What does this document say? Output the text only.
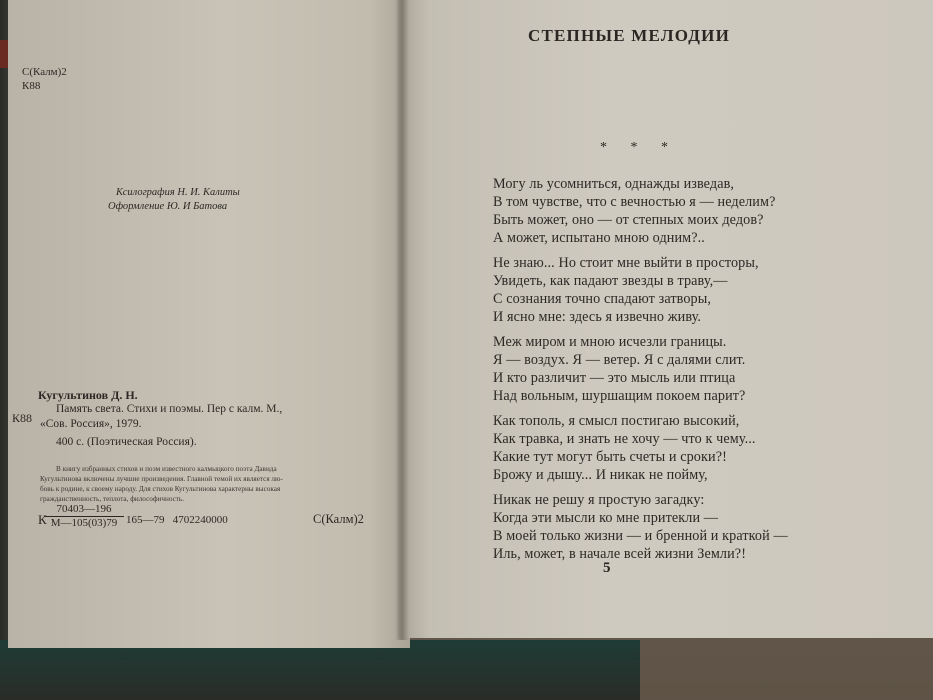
С(Калм)2
К88
Ксилография Н. И. Калиты
Оформление Ю. И Батова
Кугультинов Д. Н.
К88
Память света. Стихи и поэмы. Пер с калм. М.,
«Сов. Россия», 1979.
400 с. (Поэтическая Россия).
В книгу избранных стихов и поэм известного калмыцкого поэта Давида
Кугультинова включены лучшие произведения. Главной темой их является лю-
бовь к родине, к своему народу. Для стихов Кугультинова характерны высокая
гражданственность, теплота, философичность.
К
70403—196
М—105(03)79 165—79   4702240000	С(Калм)2
СТЕПНЫЕ МЕЛОДИИ
* * *
Могу ль усомниться, однажды изведав,
В том чувстве, что с вечностью я — неделим?
Быть может, оно — от степных моих дедов?
А может, испытано мною одним?..
Не знаю... Но стоит мне выйти в просторы,
Увидеть, как падают звезды в траву,—
С сознания точно спадают затворы,
И ясно мне: здесь я извечно живу.
Меж миром и мною исчезли границы.
Я — воздух. Я — ветер. Я с далями слит.
И кто различит — это мысль или птица
Над вольным, шуршащим покоем парит?
Как тополь, я смысл постигаю высокий,
Как травка, и знать не хочу — что к чему...
Какие тут могут быть счеты и сроки?!
Брожу и дышу... И никак не пойму,
Никак не решу я простую загадку:
Когда эти мысли ко мне притекли —
В моей только жизни — и бренной и краткой —
Иль, может, в начале всей жизни Земли?!
5
